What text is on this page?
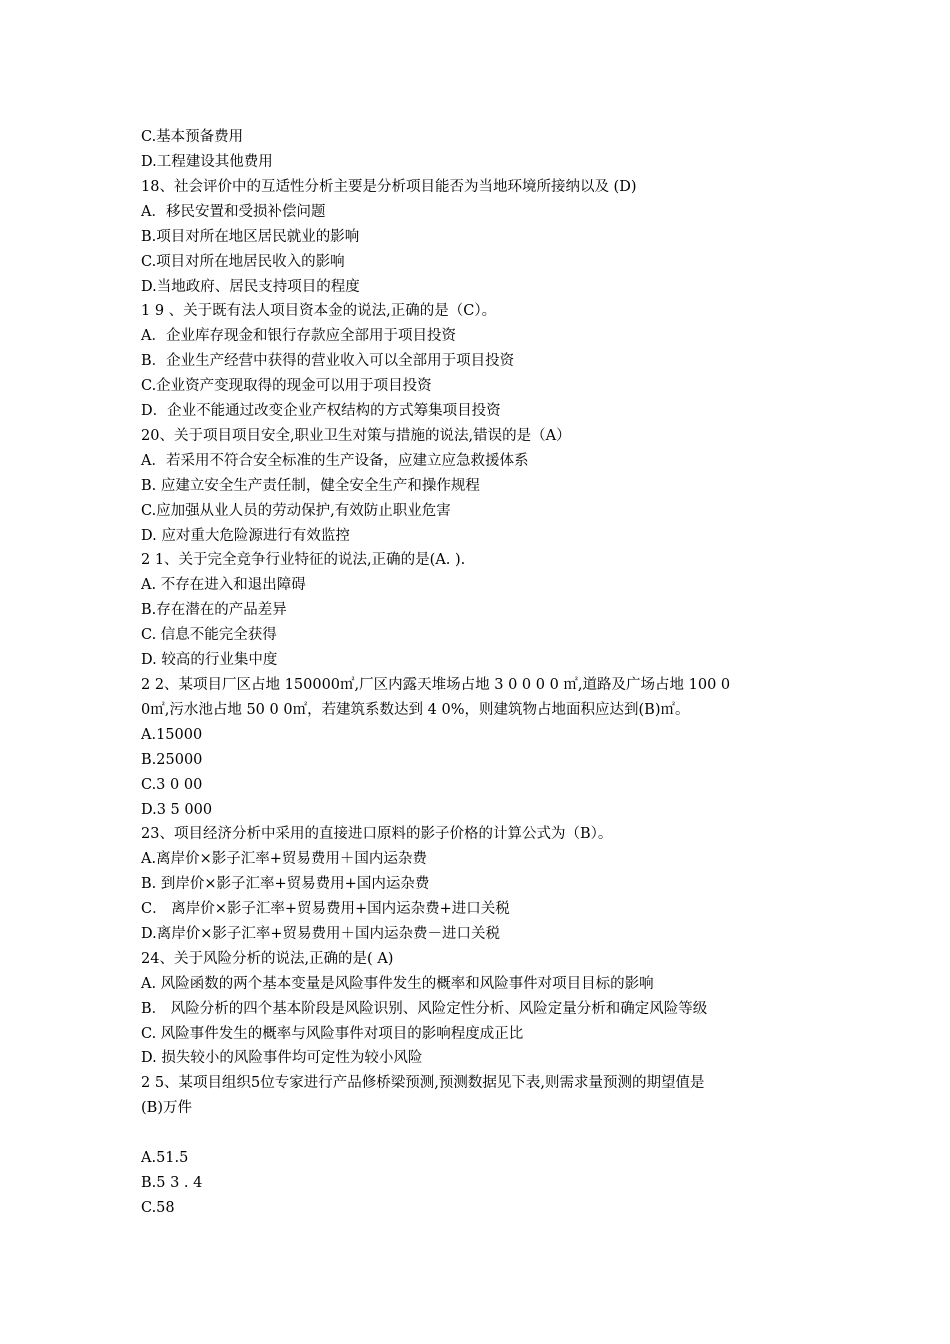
C.基本预备费用
D.工程建设其他费用
18、社会评价中的互适性分析主要是分析项目能否为当地环境所接纳以及 (D)
A．移民安置和受损补偿问题
B.项目对所在地区居民就业的影响
C.项目对所在地居民收入的影响
D.当地政府、居民支持项目的程度
1 9 、关于既有法人项目资本金的说法,正确的是（C）。
A．企业库存现金和银行存款应全部用于项目投资
B．企业生产经营中获得的营业收入可以全部用于项目投资
C.企业资产变现取得的现金可以用于项目投资
D．企业不能通过改变企业产权结构的方式筹集项目投资
20、关于项目项目安全,职业卫生对策与措施的说法,错误的是（A）
A．若采用不符合安全标准的生产设备，应建立应急救援体系
B. 应建立安全生产责任制，健全安全生产和操作规程
C.应加强从业人员的劳动保护,有效防止职业危害
D. 应对重大危险源进行有效监控
2 1、关于完全竞争行业特征的说法,正确的是(A. ).
A. 不存在进入和退出障碍
B.存在潜在的产品差异
C. 信息不能完全获得
D. 较高的行业集中度
2 2、某项目厂区占地 150000㎡,厂区内露天堆场占地 3 0 0 0 0 ㎡,道路及广场占地 100 0
0㎡,污水池占地 50 0 0㎡，若建筑系数达到 4 0%，则建筑物占地面积应达到(B)㎡。
A.15000
B.25000
C.3 0 00
D.3 5 000
23、项目经济分析中采用的直接进口原料的影子价格的计算公式为（B）。
A.离岸价×影子汇率+贸易费用＋国内运杂费
B. 到岸价×影子汇率+贸易费用+国内运杂费
C． 离岸价×影子汇率+贸易费用+国内运杂费+进口关税
D.离岸价×影子汇率+贸易费用＋国内运杂费－进口关税
24、关于风险分析的说法,正确的是( A)
A. 风险函数的两个基本变量是风险事件发生的概率和风险事件对项目目标的影响
B． 风险分析的四个基本阶段是风险识别、风险定性分析、风险定量分析和确定风险等级
C. 风险事件发生的概率与风险事件对项目的影响程度成正比
D. 损失较小的风险事件均可定性为较小风险
2 5、某项目组织5位专家进行产品修桥梁预测,预测数据见下表,则需求量预测的期望值是
(B)万件
A.51.5
B.5 3 . 4
C.58
